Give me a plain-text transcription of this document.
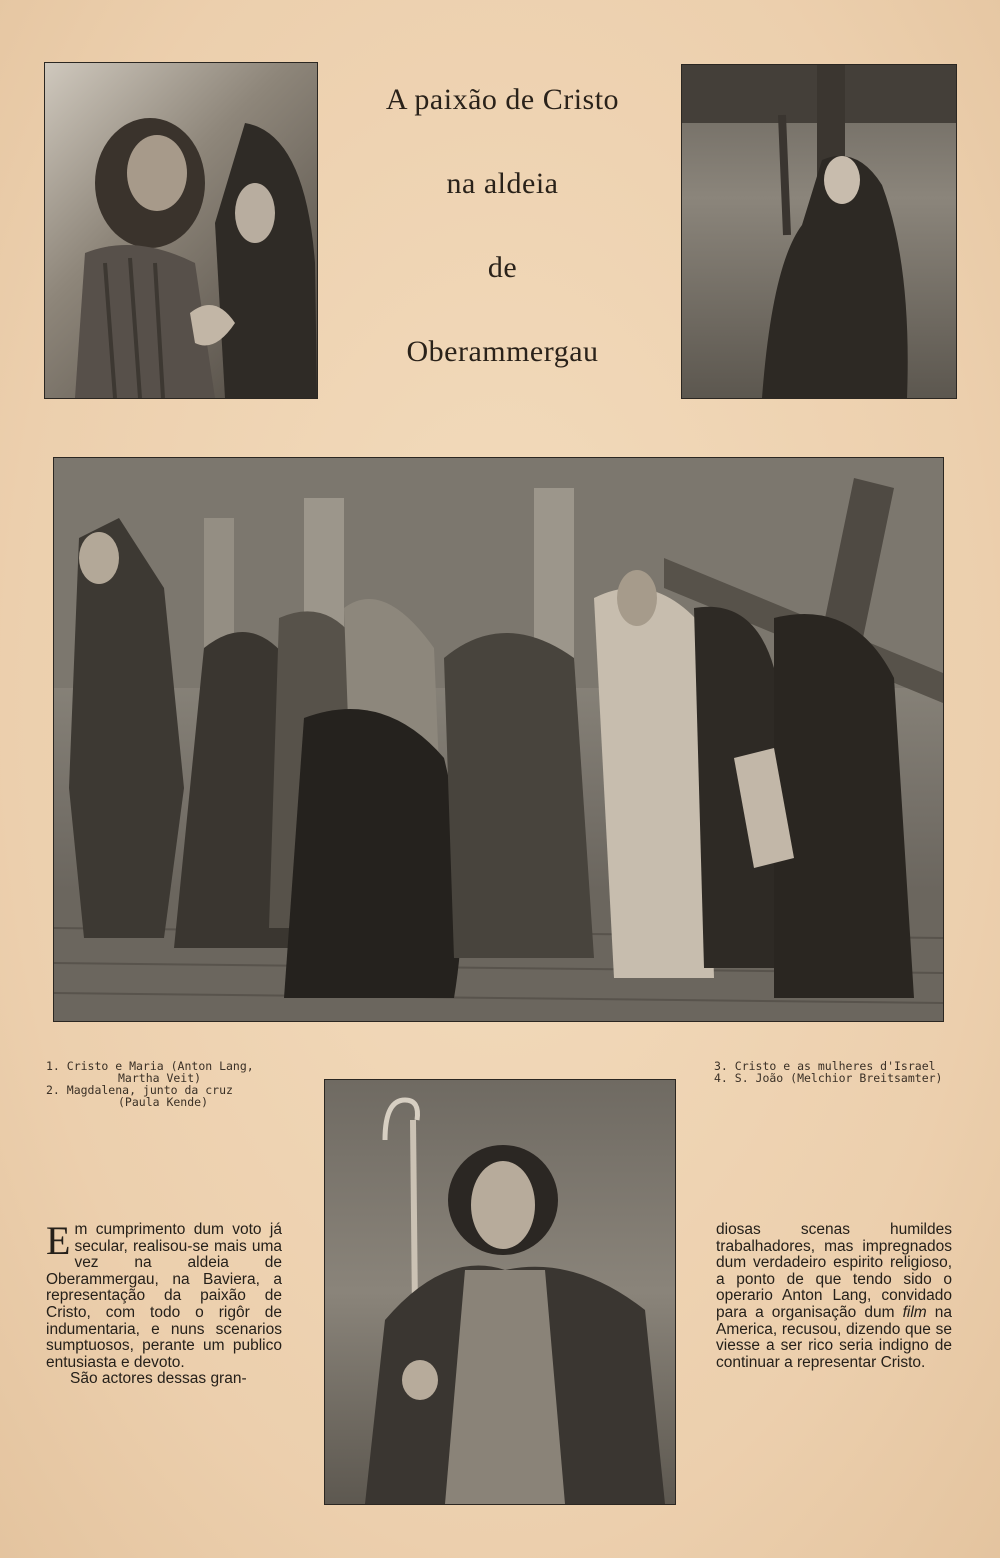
A paixão de Cristo
na aldeia
de
Oberammergau
1. Cristo e Maria (Anton Lang,
Martha Veit)
2. Magdalena, junto da cruz
(Paula Kende)
3. Cristo e as mulheres d'Israel
4. S. João (Melchior Breitsamter)
Em cumprimento dum voto já secular, realisou-se mais uma vez na aldeia de Oberammergau, na Baviera, a representação da paixão de Cristo, com todo o rigôr de indumentaria, e nuns scenarios sumptuosos, perante um publico entusiasta e devoto.
São actores dessas gran-
diosas scenas humildes trabalhadores, mas impregnados dum verdadeiro espirito religioso, a ponto de que tendo sido o operario Anton Lang, convidado para a organisação dum film na America, recusou, dizendo que se viesse a ser rico seria indigno de continuar a representar Cristo.
